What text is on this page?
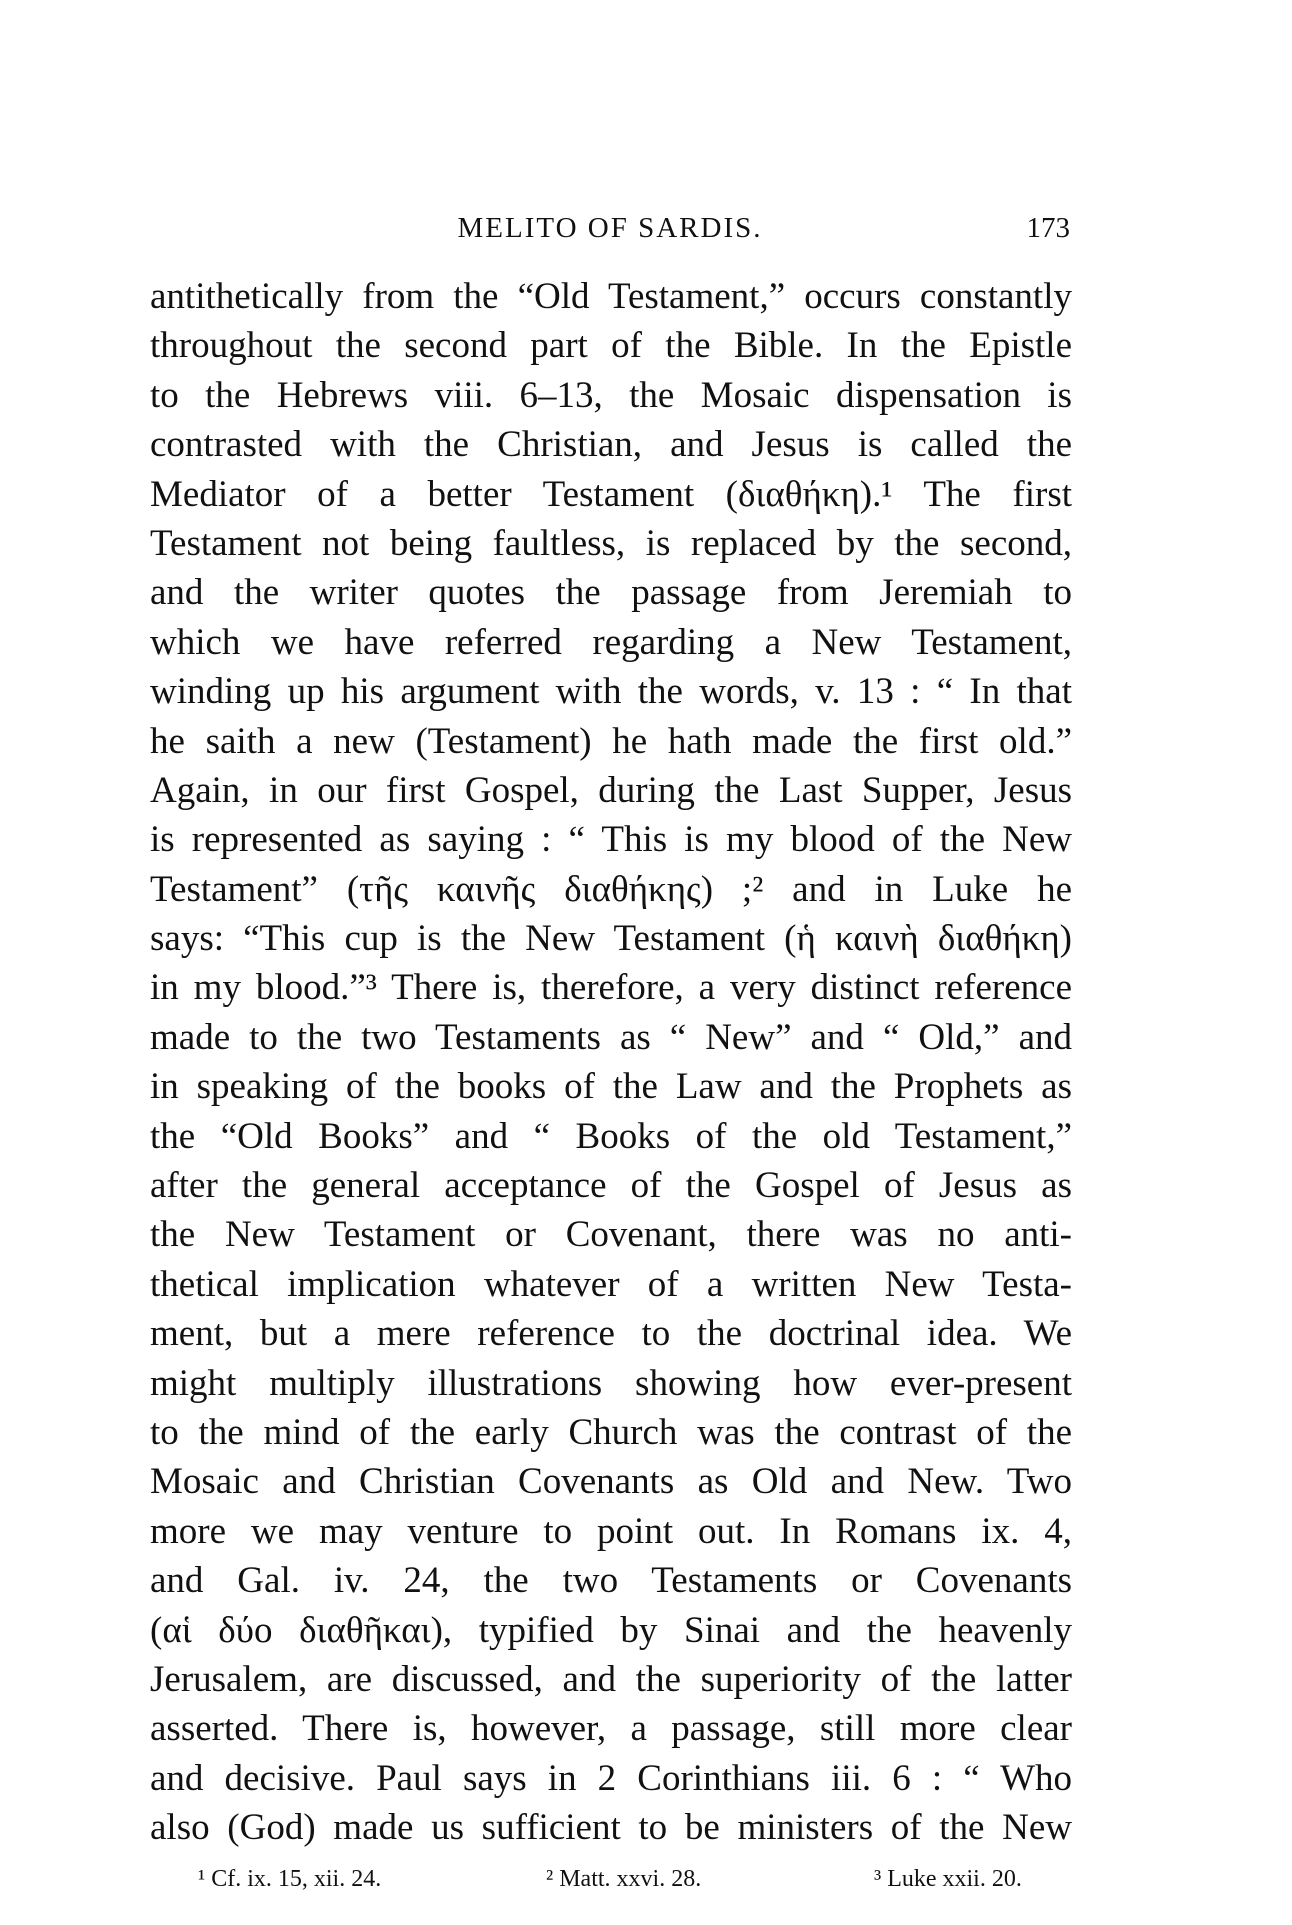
MELITO OF SARDIS.	173
antithetically from the “Old Testament,” occurs constantly
throughout the second part of the Bible. In the Epistle
to the Hebrews viii. 6–13, the Mosaic dispensation is
contrasted with the Christian, and Jesus is called the
Mediator of a better Testament (διαθήκη).¹ The first
Testament not being faultless, is replaced by the second,
and the writer quotes the passage from Jeremiah to
which we have referred regarding a New Testament,
winding up his argument with the words, v. 13 : “ In that
he saith a new (Testament) he hath made the first old.”
Again, in our first Gospel, during the Last Supper, Jesus
is represented as saying : “ This is my blood of the New
Testament” (τῆς καινῆς διαθήκης) ;² and in Luke he
says: “This cup is the New Testament (ἡ καινὴ διαθήκη)
in my blood.”³ There is, therefore, a very distinct reference
made to the two Testaments as “ New” and “ Old,” and
in speaking of the books of the Law and the Prophets as
the “Old Books” and “ Books of the old Testament,”
after the general acceptance of the Gospel of Jesus as
the New Testament or Covenant, there was no anti-
thetical implication whatever of a written New Testa-
ment, but a mere reference to the doctrinal idea. We
might multiply illustrations showing how ever-present
to the mind of the early Church was the contrast of the
Mosaic and Christian Covenants as Old and New. Two
more we may venture to point out. In Romans ix. 4,
and Gal. iv. 24, the two Testaments or Covenants
(αἱ δύο διαθῆκαι), typified by Sinai and the heavenly
Jerusalem, are discussed, and the superiority of the latter
asserted. There is, however, a passage, still more clear
and decisive. Paul says in 2 Corinthians iii. 6 : “ Who
also (God) made us sufficient to be ministers of the New
¹ Cf. ix. 15, xii. 24.	² Matt. xxvi. 28.	³ Luke xxii. 20.
